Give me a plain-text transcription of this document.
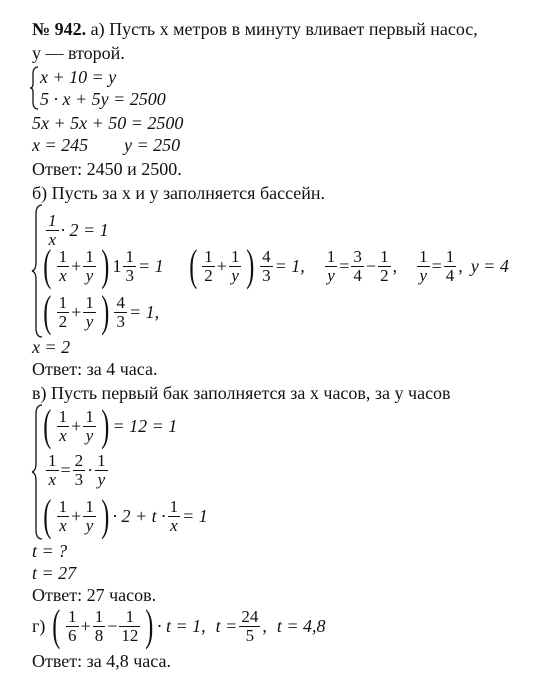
№ 942. а) Пусть x метров в минуту вливает первый насос,
y — второй.
x + 10 = y
5 · x + 5y = 2500
5x + 5x + 50 = 2500
x = 245 y = 250
Ответ: 2450 и 2500.
б) Пусть за x и y заполняется бассейн.
$\frac{1}{x} \cdot 2 = 1$
( $\frac{1}{x} + \frac{1}{y}$ ) $1 \frac{1}{3} = 1$ ( $\frac{1}{2} + \frac{1}{y}$ ) $\frac{4}{3} = 1$, $\frac{1}{y} = \frac{3}{4} - \frac{1}{2}$ , $\frac{1}{y} = \frac{1}{4}$ , y = 4
( $\frac{1}{2} + \frac{1}{y}$ ) $\frac{4}{3} = 1$,
x = 2
Ответ: за 4 часа.
в) Пусть первый бак заполняется за x часов, за y часов
( $\frac{1}{x} + \frac{1}{y}$ ) = 12 = 1
$\frac{1}{x} = \frac{2}{3} \cdot \frac{1}{y}$
( $\frac{1}{x} + \frac{1}{y}$ ) · $2 + t \cdot \frac{1}{x} = 1$
t = ?
t = 27
Ответ: 27 часов.
г) ( $\frac{1}{6} + \frac{1}{8} - \frac{1}{12}$ ) · t = 1, $t = \frac{24}{5}$ , t = 4,8
Ответ: за 4,8 часа.
